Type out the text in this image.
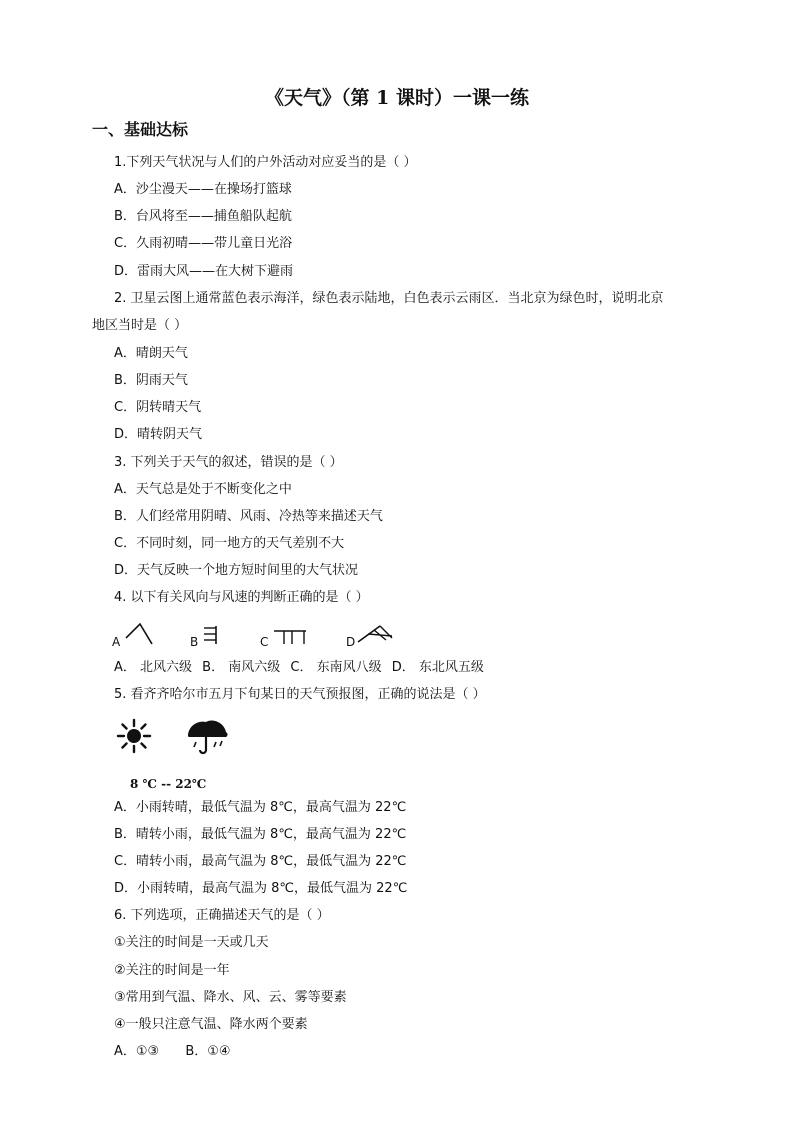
《天气》（第 1 课时）一课一练
一、基础达标
1.下列天气状况与人们的户外活动对应妥当的是（ ）
A．沙尘漫天——在操场打篮球
B．台风将至——捕鱼船队起航
C．久雨初晴——带儿童日光浴
D．雷雨大风——在大树下避雨
2. 卫星云图上通常蓝色表示海洋，绿色表示陆地，白色表示云雨区．当北京为绿色时，说明北京
地区当时是（ ）
A．晴朗天气
B．阴雨天气
C．阴转晴天气
D．晴转阴天气
3. 下列关于天气的叙述，错误的是（ ）
A．天气总是处于不断变化之中
B．人们经常用阴晴、风雨、冷热等来描述天气
C．不同时刻，同一地方的天气差别不大
D．天气反映一个地方短时间里的大气状况
4. 以下有关风向与风速的判断正确的是（ ）
A	B	C	D
A． 北风六级 B． 南风六级 C． 东南风八级 D． 东北风五级
5. 看齐齐哈尔市五月下旬某日的天气预报图，正确的说法是（ ）
8 ℃ -- 22℃
A．小雨转晴，最低气温为 8℃，最高气温为 22℃
B．晴转小雨，最低气温为 8℃，最高气温为 22℃
C．晴转小雨，最高气温为 8℃，最低气温为 22℃
D．小雨转晴，最高气温为 8℃，最低气温为 22℃
6. 下列选项，正确描述天气的是（ ）
①关注的时间是一天或几天
②关注的时间是一年
③常用到气温、降水、风、云、雾等要素
④一般只注意气温、降水两个要素
A．①③ B．①④
